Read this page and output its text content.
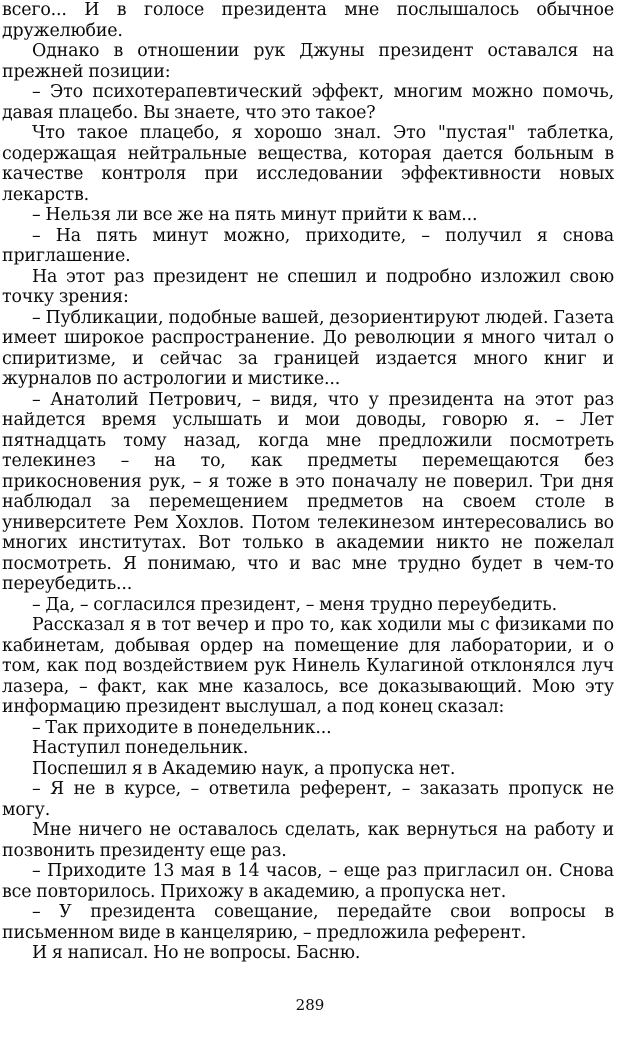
всего... И в голосе президента мне послышалось обычное дружелюбие.

Однако в отношении рук Джуны президент оставался на прежней позиции:

– Это психотерапевтический эффект, многим можно помочь, давая плацебо. Вы знаете, что это такое?

Что такое плацебо, я хорошо знал. Это "пустая" таблетка, содержащая нейтральные вещества, которая дается больным в качестве контроля при исследовании эффективности новых лекарств.

– Нельзя ли все же на пять минут прийти к вам...

– На пять минут можно, приходите, – получил я снова приглашение.

На этот раз президент не спешил и подробно изложил свою точку зрения:

– Публикации, подобные вашей, дезориентируют людей. Газета имеет широкое распространение. До революции я много читал о спиритизме, и сейчас за границей издается много книг и журналов по астрологии и мистике...

– Анатолий Петрович, – видя, что у президента на этот раз найдется время услышать и мои доводы, говорю я. – Лет пятнадцать тому назад, когда мне предложили посмотреть телекинез – на то, как предметы перемещаются без прикосновения рук, – я тоже в это поначалу не поверил. Три дня наблюдал за перемещением предметов на своем столе в университете Рем Хохлов. Потом телекинезом интересовались во многих институтах. Вот только в академии никто не пожелал посмотреть. Я понимаю, что и вас мне трудно будет в чем-то переубедить...

– Да, – согласился президент, – меня трудно переубедить.

Рассказал я в тот вечер и про то, как ходили мы с физиками по кабинетам, добывая ордер на помещение для лаборатории, и о том, как под воздействием рук Нинель Кулагиной отклонялся луч лазера, – факт, как мне казалось, все доказывающий. Мою эту информацию президент выслушал, а под конец сказал:

– Так приходите в понедельник...

Наступил понедельник.

Поспешил я в Академию наук, а пропуска нет.

– Я не в курсе, – ответила референт, – заказать пропуск не могу.

Мне ничего не оставалось сделать, как вернуться на работу и позвонить президенту еще раз.

– Приходите 13 мая в 14 часов, – еще раз пригласил он. Снова все повторилось. Прихожу в академию, а пропуска нет.

– У президента совещание, передайте свои вопросы в письменном виде в канцелярию, – предложила референт.

И я написал. Но не вопросы. Басню.

289
